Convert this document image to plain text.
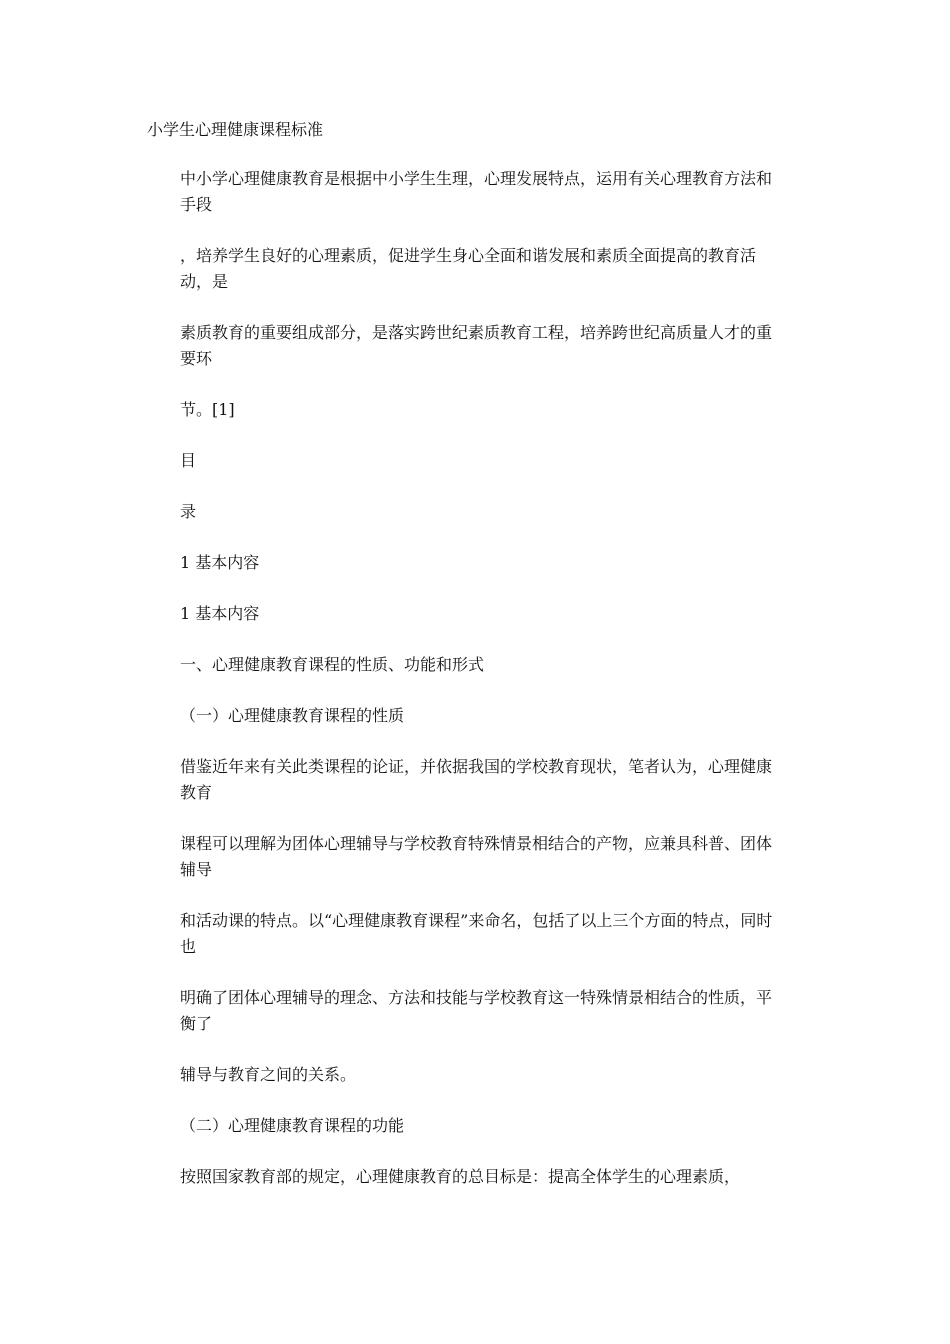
小学生心理健康课程标准

中小学心理健康教育是根据中小学生生理，心理发展特点，运用有关心理教育方法和手段

，培养学生良好的心理素质，促进学生身心全面和谐发展和素质全面提高的教育活动，是

素质教育的重要组成部分，是落实跨世纪素质教育工程，培养跨世纪高质量人才的重要环

节。[1]

目

录

1 基本内容

1 基本内容

一、心理健康教育课程的性质、功能和形式

（一）心理健康教育课程的性质

借鉴近年来有关此类课程的论证，并依据我国的学校教育现状，笔者认为，心理健康教育

课程可以理解为团体心理辅导与学校教育特殊情景相结合的产物，应兼具科普、团体辅导

和活动课的特点。以“心理健康教育课程”来命名，包括了以上三个方面的特点，同时也

明确了团体心理辅导的理念、方法和技能与学校教育这一特殊情景相结合的性质，平衡了

辅导与教育之间的关系。

（二）心理健康教育课程的功能

按照国家教育部的规定，心理健康教育的总目标是：提高全体学生的心理素质，
